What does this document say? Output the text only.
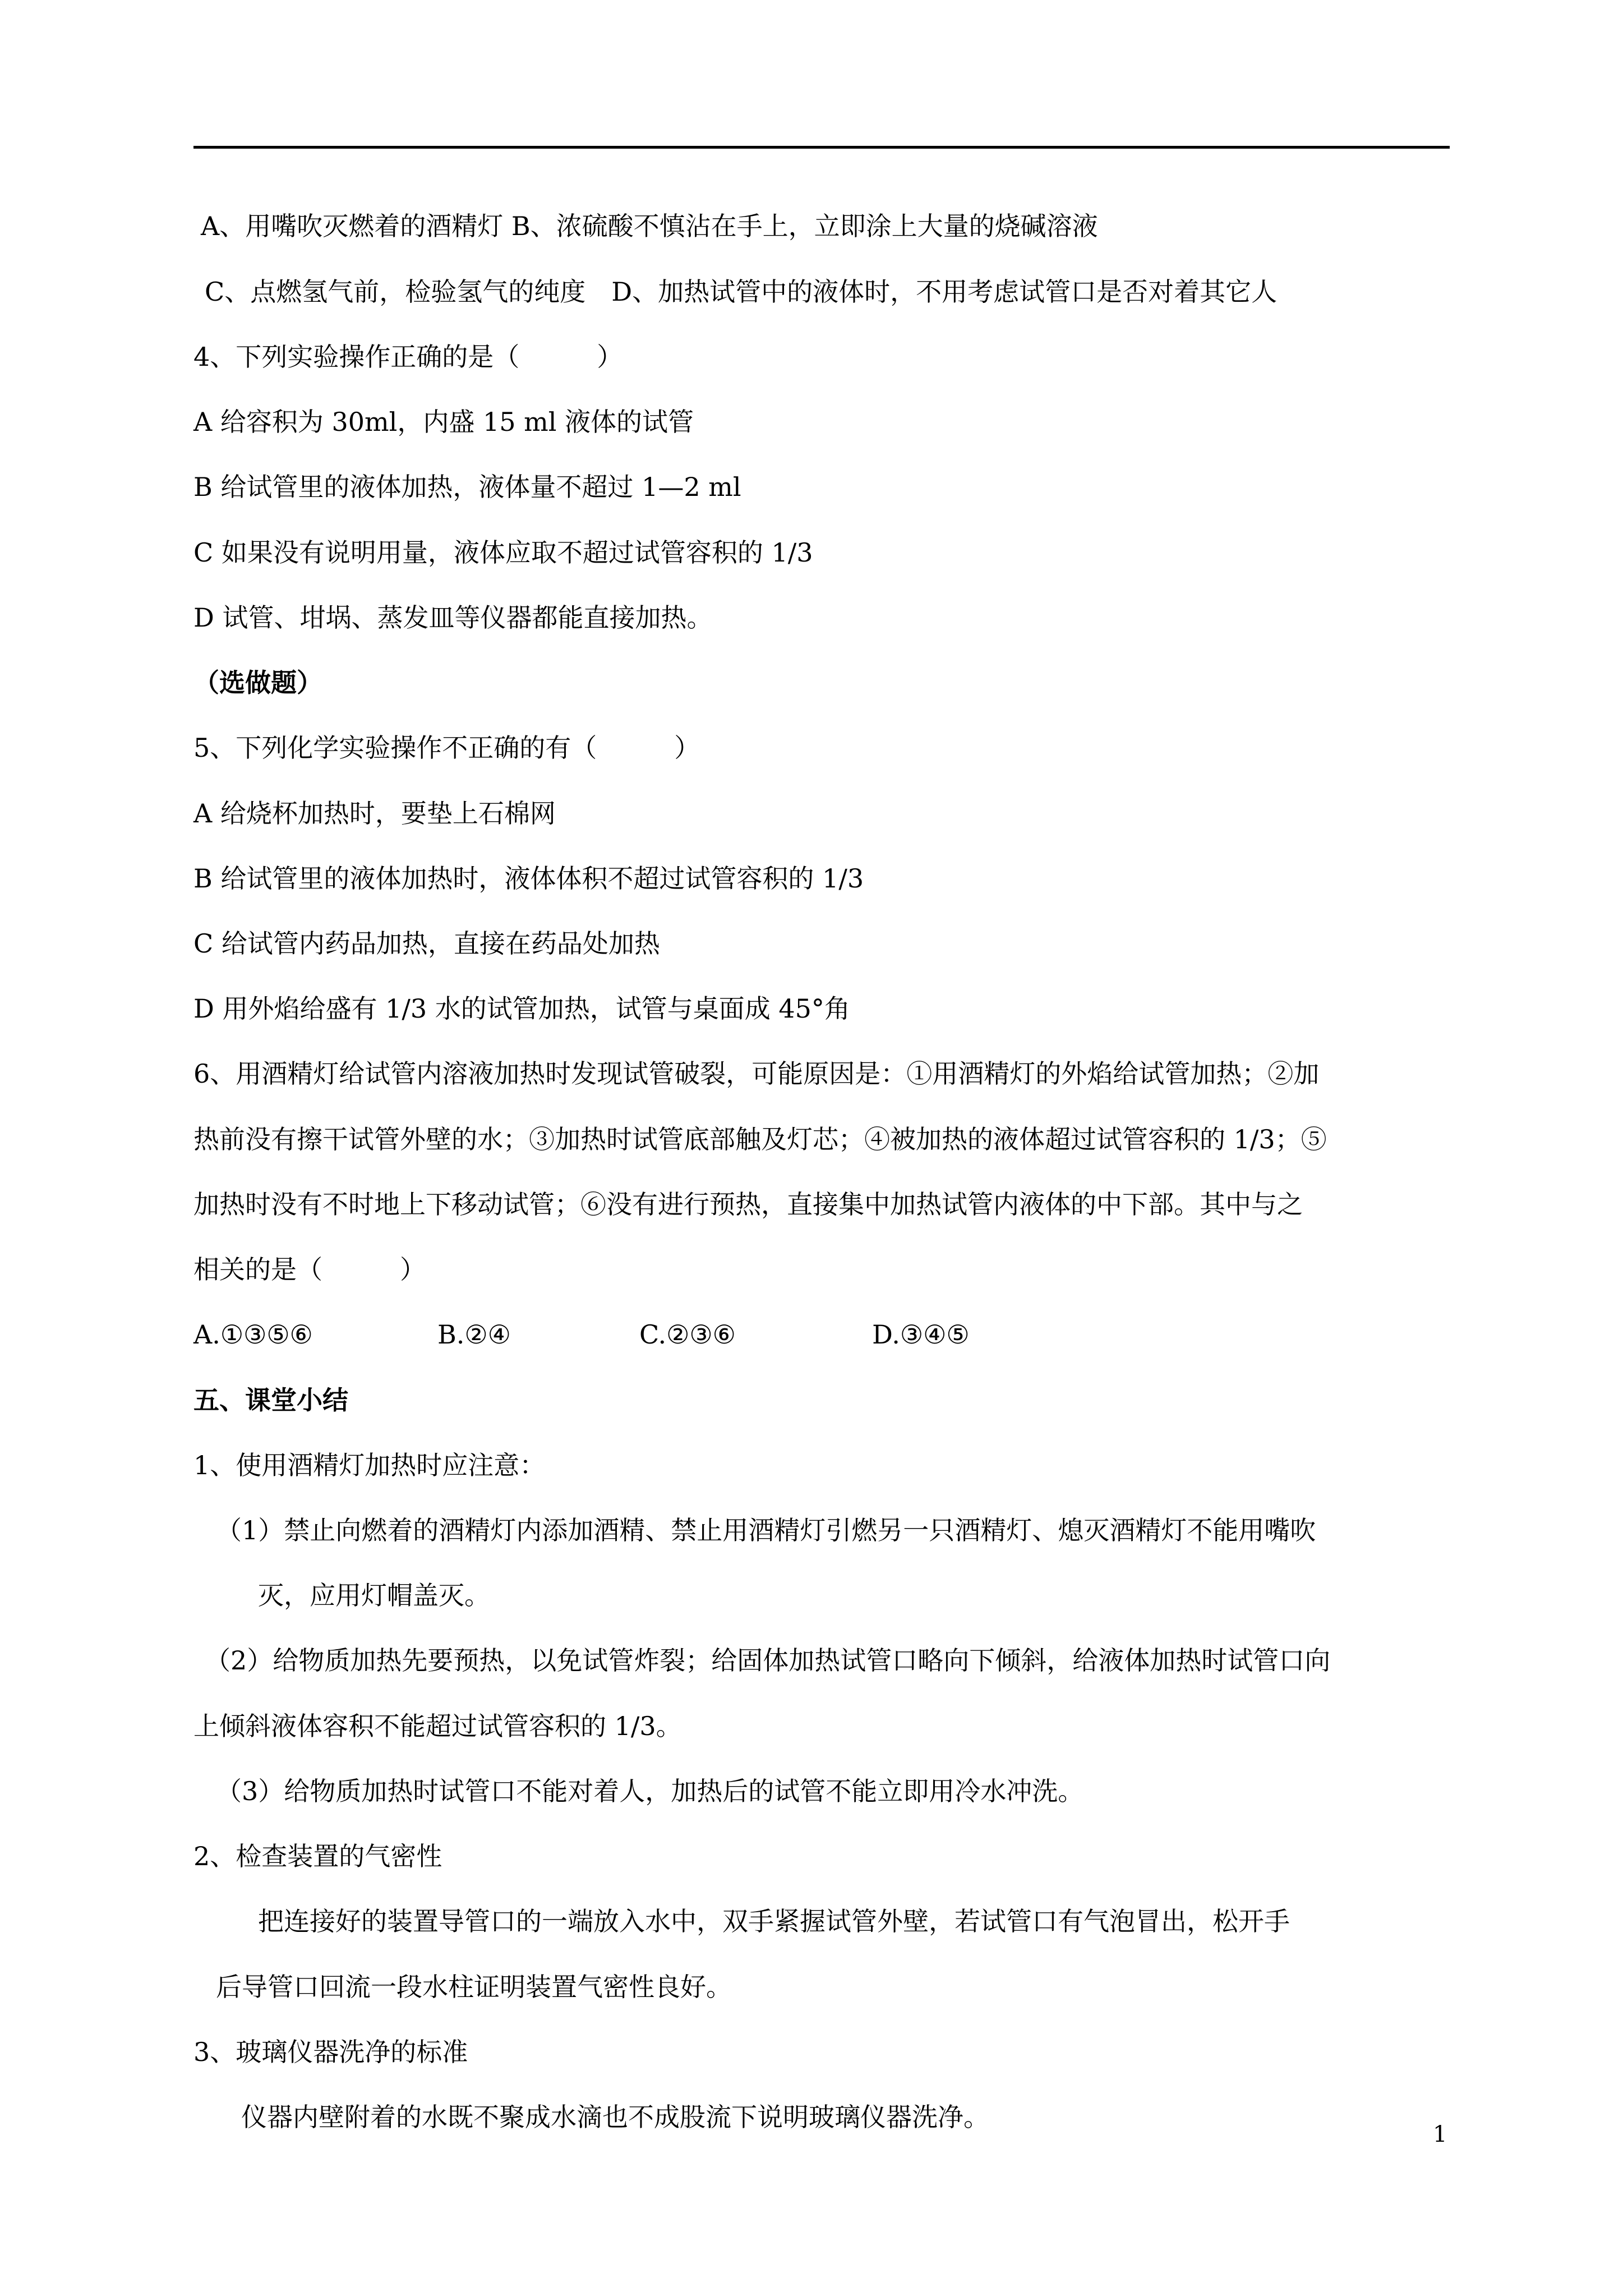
A、用嘴吹灭燃着的酒精灯 B、浓硫酸不慎沾在手上，立即涂上大量的烧碱溶液
C、点燃氢气前，检验氢气的纯度　D、加热试管中的液体时，不用考虑试管口是否对着其它人
4、下列实验操作正确的是（　　　）
A 给容积为 30ml，内盛 15 ml 液体的试管
B 给试管里的液体加热，液体量不超过 1—2 ml
C 如果没有说明用量，液体应取不超过试管容积的 1/3
D 试管、坩埚、蒸发皿等仪器都能直接加热。
（选做题）
5、下列化学实验操作不正确的有（　　　）
A 给烧杯加热时，要垫上石棉网
B 给试管里的液体加热时，液体体积不超过试管容积的 1/3
C 给试管内药品加热，直接在药品处加热
D 用外焰给盛有 1/3 水的试管加热，试管与桌面成 45°角
6、用酒精灯给试管内溶液加热时发现试管破裂，可能原因是：①用酒精灯的外焰给试管加热；②加
热前没有擦干试管外壁的水；③加热时试管底部触及灯芯；④被加热的液体超过试管容积的 1/3；⑤
加热时没有不时地上下移动试管；⑥没有进行预热，直接集中加热试管内液体的中下部。其中与之
相关的是（　　　）
A.①③⑤⑥	B.②④	C.②③⑥	D.③④⑤
五、课堂小结
1、使用酒精灯加热时应注意：
（1）禁止向燃着的酒精灯内添加酒精、禁止用酒精灯引燃另一只酒精灯、熄灭酒精灯不能用嘴吹
灭，应用灯帽盖灭。
（2）给物质加热先要预热，以免试管炸裂；给固体加热试管口略向下倾斜，给液体加热时试管口向
上倾斜液体容积不能超过试管容积的 1/3。
（3）给物质加热时试管口不能对着人，加热后的试管不能立即用冷水冲洗。
2、检查装置的气密性
把连接好的装置导管口的一端放入水中，双手紧握试管外壁，若试管口有气泡冒出，松开手
后导管口回流一段水柱证明装置气密性良好。
3、玻璃仪器洗净的标准
仪器内壁附着的水既不聚成水滴也不成股流下说明玻璃仪器洗净。
1
